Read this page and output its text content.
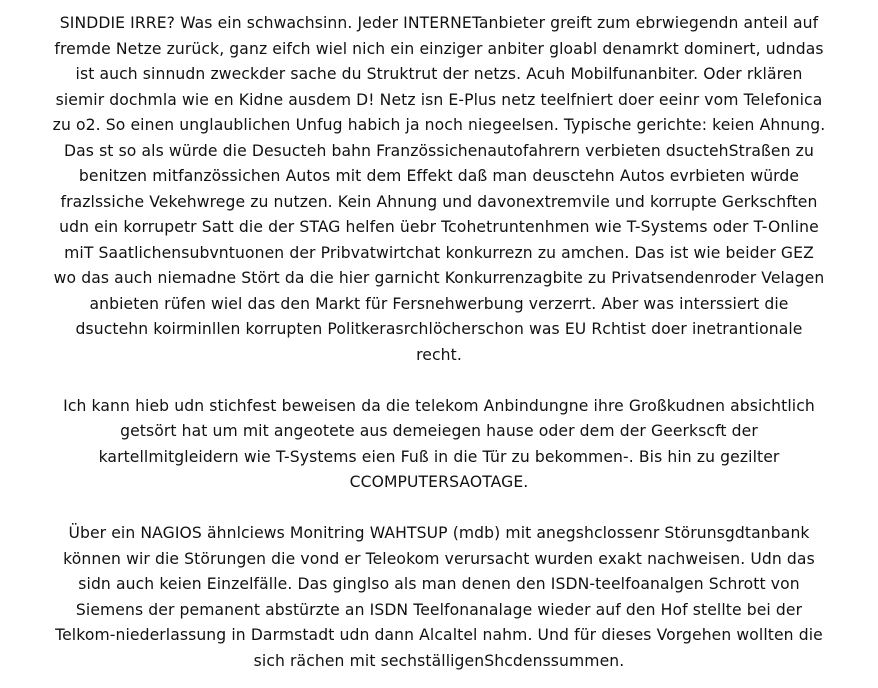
SINDDIE IRRE? Was ein schwachsinn. Jeder INTERNETanbieter greift zum ebrwiegendn anteil auf
fremde Netze zurück, ganz eifch wiel nich ein einziger anbiter gloabl denamrkt dominert, udndas
ist auch sinnudn zweckder sache du Struktrut der netzs. Acuh Mobilfunanbiter. Oder rklären
siemir dochmla wie en Kidne ausdem D! Netz isn E-Plus netz teelfniert doer eeinr vom Telefonica
zu o2. So einen unglaublichen Unfug habich ja noch niegeelsen. Typische gerichte: keien Ahnung.
Das st so als würde die Desucteh bahn Französsichenautofahrern verbieten dsuctehStraßen zu
benitzen mitfanzössichen Autos mit dem Effekt daß man deusctehn Autos evrbieten würde
frazlssiche Vekehwrege zu nutzen. Kein Ahnung und davonextremvile und korrupte Gerkschften
udn ein korrupetr Satt die der STAG helfen üebr Tcohetruntenhmen wie T-Systems oder T-Online
miT Saatlichensubvntuonen der Pribvatwirtchat konkurrezn zu amchen. Das ist wie beider GEZ
wo das auch niemadne Stört da die hier garnicht Konkurrenzagbite zu Privatsendenroder Velagen
anbieten rüfen wiel das den Markt für Fersnehwerbung verzerrt. Aber was interssiert die
dsuctehn koirminllen korrupten Politkerasrchlöcherschon was EU Rchtist doer inetrantionale
recht.
Ich kann hieb udn stichfest beweisen da die telekom Anbindungne ihre Großkudnen absichtlich
getsört hat um mit angeotete aus demeiegen hause oder dem der Geerkscft der
kartellmitgleidern wie T-Systems eien Fuß in die Tür zu bekommen-. Bis hin zu gezilter
CCOMPUTERSAOTAGE.
Über ein NAGIOS ähnlciews Monitring WAHTSUP (mdb) mit anegshclossenr Störunsgdtanbank
können wir die Störungen die vond er Teleokom verursacht wurden exakt nachweisen. Udn das
sidn auch keien Einzelfälle. Das ginglso als man denen den ISDN-teelfoanalgen Schrott von
Siemens der pemanent abstürzte an ISDN Teelfonanalage wieder auf den Hof stellte bei der
Telkom-niederlassung in Darmstadt udn dann Alcaltel nahm. Und für dieses Vorgehen wollten die
sich rächen mit sechställigenShcdenssummen.
